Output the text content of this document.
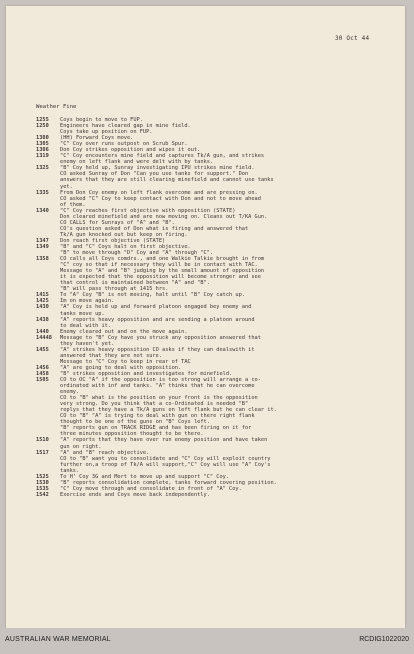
30 Oct 44
Weather Fine
1255	Coys begin to move to FUP.
1250	Engineers have cleared gap in mine field.
Coys take up position on FUP.
1300	(HH) Forward Coys move.
1305	"C" Coy over runs outpost on Scrub Spur.
1306	Don Coy strikes opposition and wipes it out.
1319	"C" Coy encounters mine field and captures Tk/A gun, and strikes
enemy on left flank and were delt with by tanks.
1325	"B" Coy held up, Sunray investigating IPU strikes mine field.
CO asked Sunray of Don "Can you use tanks for support." Don
answers that they are still clearing minefield and cannot use tanks
yet.
1335	From Don Coy enemy on left flank overcome and are pressing on.
CO asked "C" Coy to keep contact with Don and not to move ahead
of them.
1340	"C" Coy reaches first objective with opposition (STATE)
Don cleared minefield and are now moving on. Cleans out T/KA Gun.
CO CALLS for Sunrays of "A" and "B".
CO's question asked of Don what is firing and answered that
Tk/A gun knocked out but keep on firing.
1347	Don reach first objective (STATE)
1349	"B" and "C" Coys halt on first objective.
"B" to move through "D" Coy and "A" through "C".
1358	CO calls all Coys comdrs., and one Walkie Talkie brought in from
"C" coy so that if necessary they will be in contact with TAC.
Message to "A" and "B" judging by the small amount of opposition
it is expected that the opposition will become stronger and see
that control is maintained between "A" and "B".
"B" will pass through at 1415 hrs.
1415	To "A" Coy "B" is not moving, halt until "B" Coy catch up.
1425	Im on move again.
1430	"A" Coy is held up and forward platoon engaged bey enemy and
tanks move up.
1438	"A" reports heavy opposition and are sending a platoon around
to deal with it.
1440	Enemy cleared out and on the move again.
14448	Message to "B" Coy have you struck any opposition answered that
they haven't yet.
1455	"A" strikes heavy opposition CO asks if they can dealswith it
answered that they are not sure.
Message to "C" Coy to keep in rear of TAC
1456	"A" are going to deal with opposition.
1458	"B" strikes opposition and investigates for minefield.
1505	CO to OC "A" if the opposition is too strong will arrange a co-
ordinated with inf and tanks. "A" thinks that he can overcome
enemy.
CO to "B" what is the position on your front is the opposition
very strong. Do you think that a co-Ordinated is needed "B"
replys that they have a Tk/A guns on left flank but he can clear it.
CO to "B" "A" is trying to deal with gun on there right flank
thought to be one of the guns on "B" Coys left.
"B" reports gun on TRACK RIDGE and has been firing on it for
three minutes opposition thought to be there.
1510	"A" reports that they have over run enemy position and have taken
gun on right.
1517	"A" and "B" reach objective.
CO to "B" want you to consolidate and "C" Coy will exploit country
further on,a troop of Tk/A will support,"C" Coy will use "A" Coy's
tanks.
1525	To H’ Coy 3G and Mort to move up and support "C" Coy.
1530	"B" reports consolidation complete, tanks forward covering position.
1535	"C" Coy move through and consolidate in front of "A" Coy.
1542	Exercise ends and Coys move back independently.
AUSTRALIAN WAR MEMORIAL	RCDIG1022020
